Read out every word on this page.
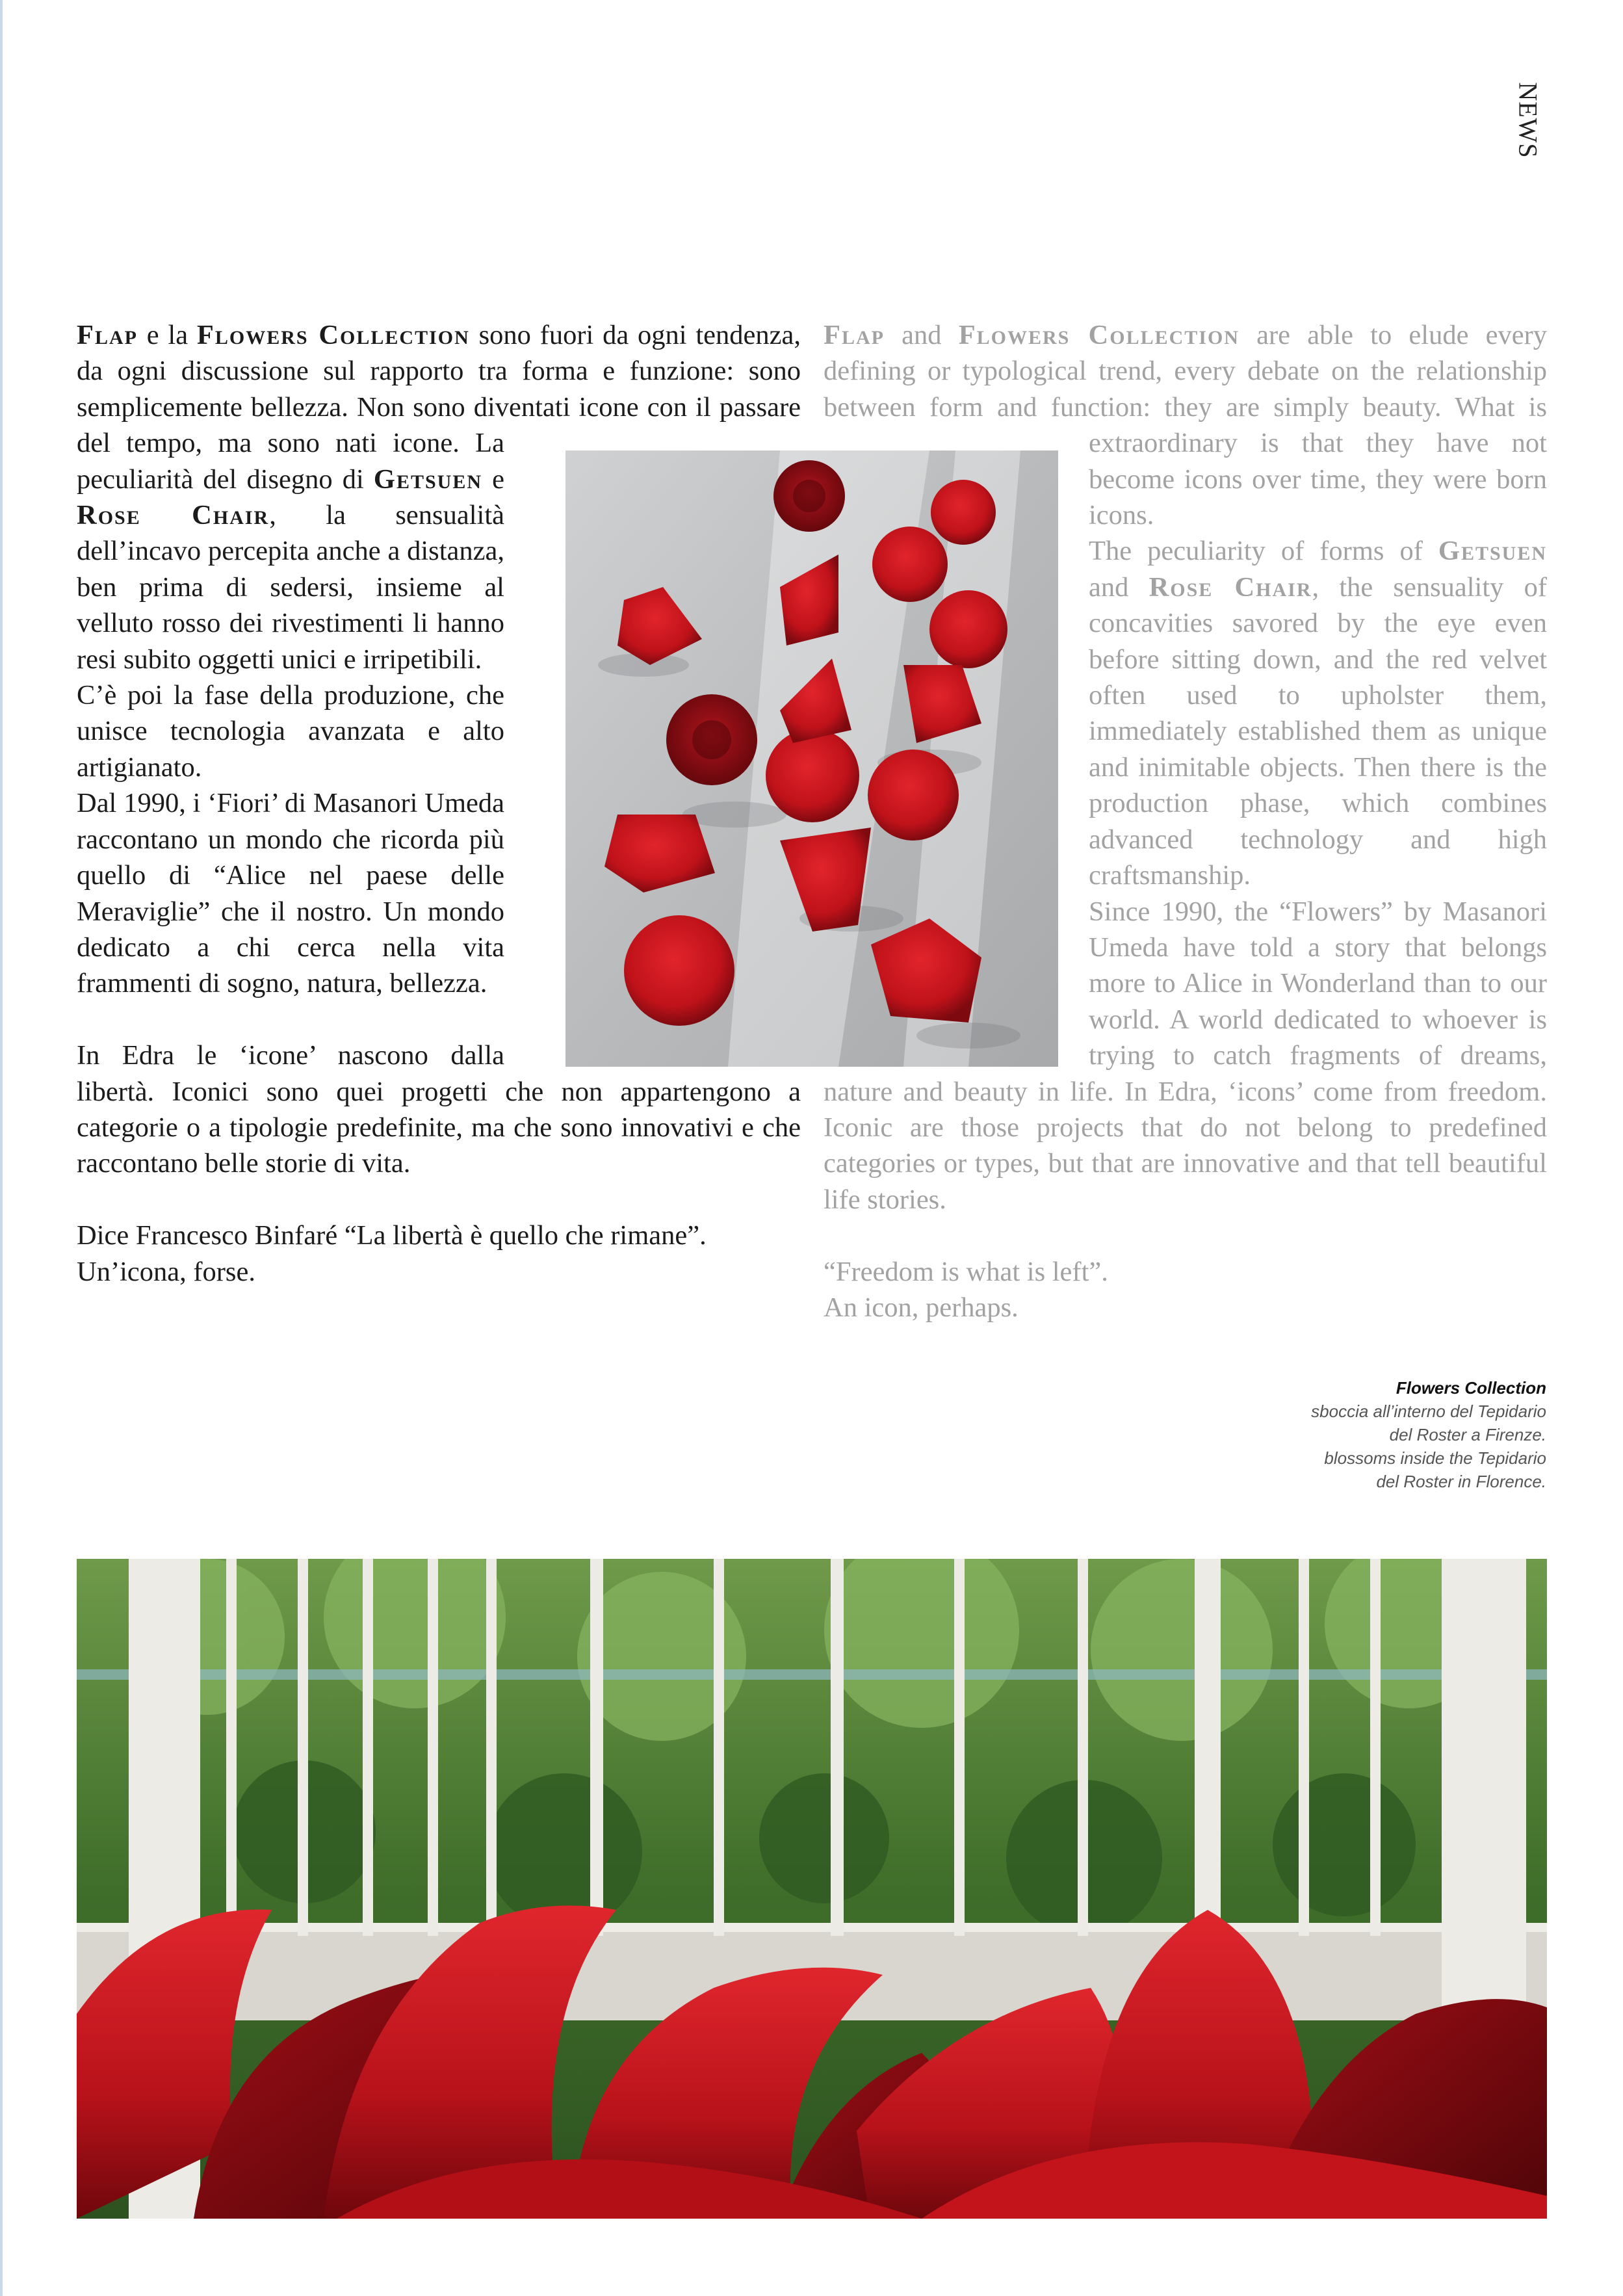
NEWS

Flap e la Flowers Collection sono fuori da ogni tendenza, da ogni discussione sul rapporto tra forma e funzione: sono semplicemente bellezza. Non sono diventati icone con il passare del tempo, ma sono nati icone. La peculiarità del disegno di Getsuen e Rose Chair, la sensualità dell’incavo percepita anche a distanza, ben prima di sedersi, insieme al velluto rosso dei rivestimenti li hanno resi subito oggetti unici e irripetibili.

C’è poi la fase della produzione, che unisce tecnologia avanzata e alto artigianato.

Dal 1990, i ‘Fiori’ di Masanori Umeda raccontano un mondo che ricorda più quello di “Alice nel paese delle Meraviglie” che il nostro. Un mondo dedicato a chi cerca nella vita frammenti di sogno, natura, bellezza.

In Edra le ‘icone’ nascono dalla libertà. Iconici sono quei progetti che non appartengono a categorie o a tipologie predefinite, ma che sono innovativi e che raccontano belle storie di vita.

Dice Francesco Binfaré “La libertà è quello che rimane”.

Un’icona, forse.

Flap and Flowers Collection are able to elude every defining or typological trend, every debate on the relationship between form and function: they are simply beauty. What is extraordinary is that they have not become icons over time, they were born icons.

The peculiarity of forms of Getsuen and Rose Chair, the sensuality of concavities savored by the eye even before sitting down, and the red velvet often used to upholster them, immediately established them as unique and inimitable objects. Then there is the production phase, which combines advanced technology and high craftsmanship.

Since 1990, the “Flowers” by Masanori Umeda have told a story that belongs more to Alice in Wonderland than to our world. A world dedicated to whoever is trying to catch fragments of dreams, nature and beauty in life. In Edra, ‘icons’ come from freedom. Iconic are those projects that do not belong to predefined categories or types, but that are innovative and that tell beautiful life stories.

“Freedom is what is left”.

An icon, perhaps.

Flowers Collection
sboccia all’interno del Tepidario
del Roster a Firenze.
blossoms inside the Tepidario
del Roster in Florence.
